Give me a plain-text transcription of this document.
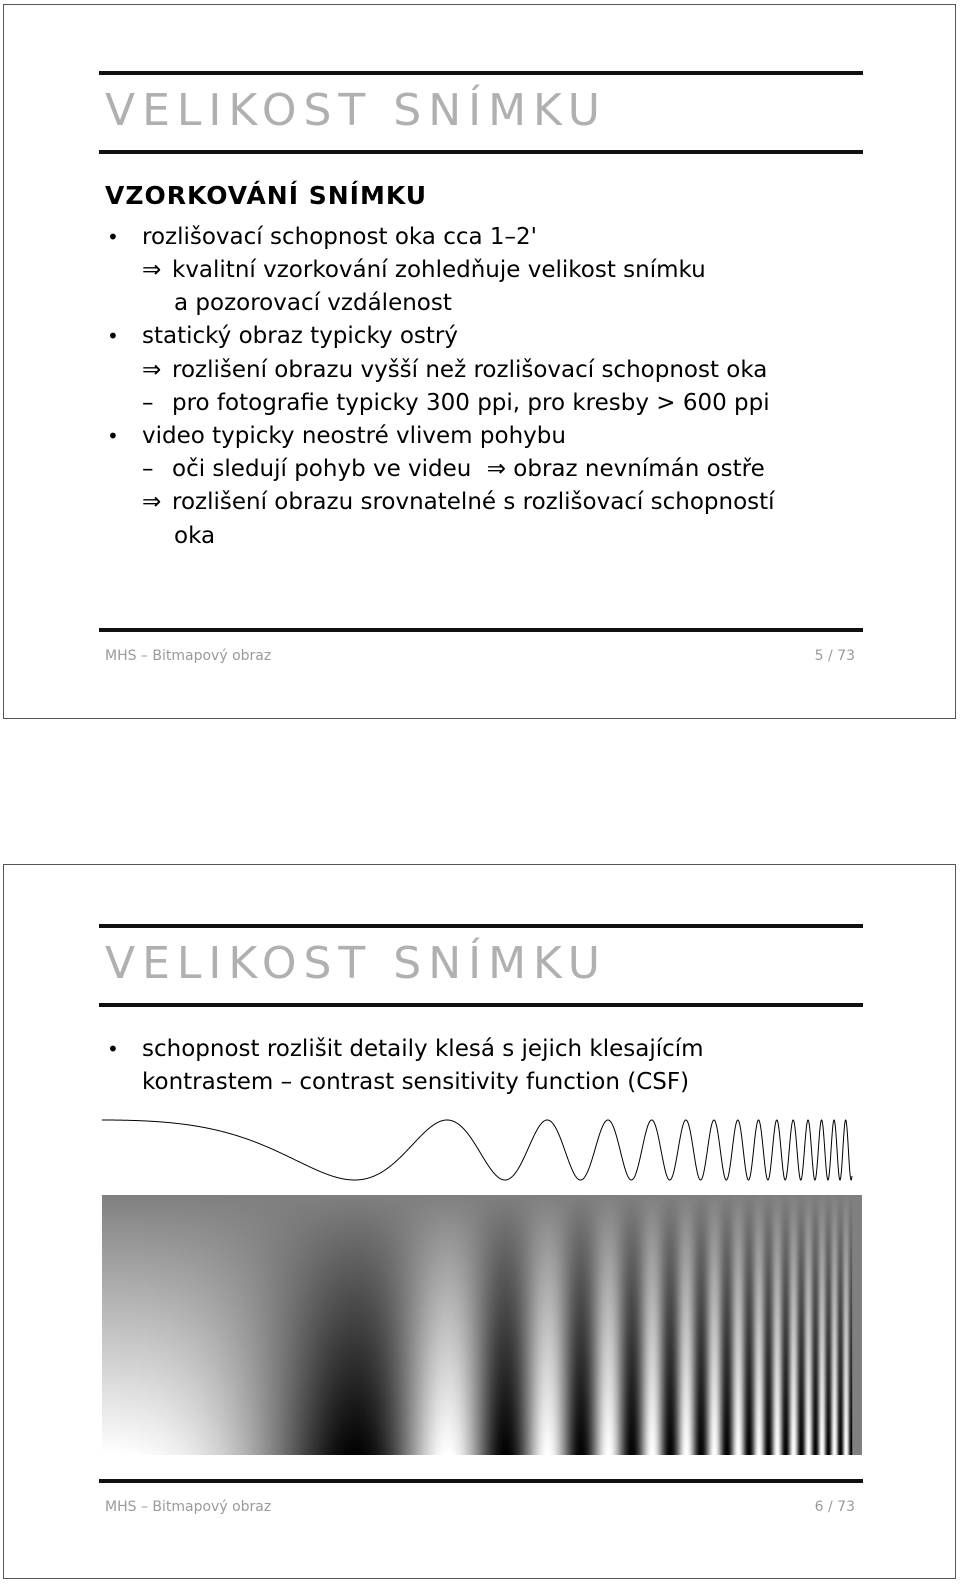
VELIKOST SNÍMKU
VZORKOVÁNÍ SNÍMKU
• rozlišovací schopnost oka cca 1–2'
⇒ kvalitní vzorkování zohledňuje velikost snímku
a pozorovací vzdálenost
• statický obraz typicky ostrý
⇒ rozlišení obrazu vyšší než rozlišovací schopnost oka
– pro fotografie typicky 300 ppi, pro kresby > 600 ppi
• video typicky neostré vlivem pohybu
– oči sledují pohyb ve videu ⇒ obraz nevnímán ostře
⇒ rozlišení obrazu srovnatelné s rozlišovací schopností
oka
MHS – Bitmapový obraz	5 / 73
VELIKOST SNÍMKU
• schopnost rozlišit detaily klesá s jejich klesajícím
kontrastem – contrast sensitivity function (CSF)
MHS – Bitmapový obraz	6 / 73
